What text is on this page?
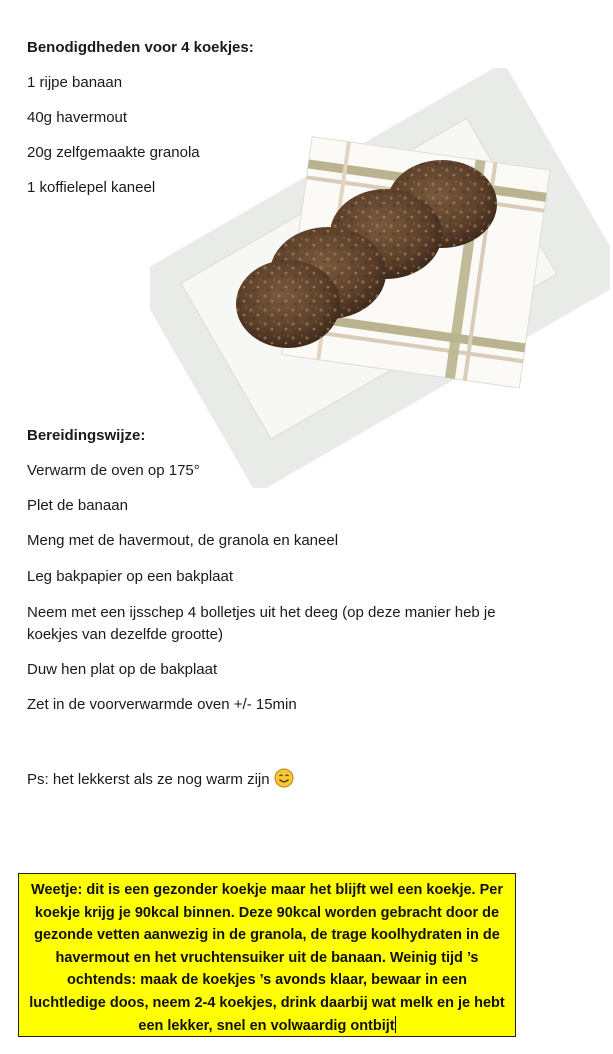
Benodigdheden voor 4 koekjes:
1 rijpe banaan
40g havermout
20g zelfgemaakte granola
1 koffielepel kaneel
Bereidingswijze:
Verwarm de oven op 175°
Plet de banaan
Meng met de havermout, de granola en kaneel
Leg bakpapier op een bakplaat
Neem met een ijsschep 4 bolletjes uit het deeg (op deze manier heb je koekjes van dezelfde grootte)
Duw hen plat op de bakplaat
Zet in de voorverwarmde oven +/- 15min
Ps: het lekkerst als ze nog warm zijn
Weetje: dit is een gezonder koekje maar het blijft wel een koekje. Per koekje krijg je 90kcal binnen. Deze 90kcal worden gebracht door de gezonde vetten aanwezig in de granola, de trage koolhydraten in de havermout en het vruchtensuiker uit de banaan. Weinig tijd ’s ochtends: maak de koekjes ’s avonds klaar, bewaar in een luchtledige doos, neem 2-4 koekjes, drink daarbij wat melk en je hebt een lekker, snel en volwaardig ontbijt
